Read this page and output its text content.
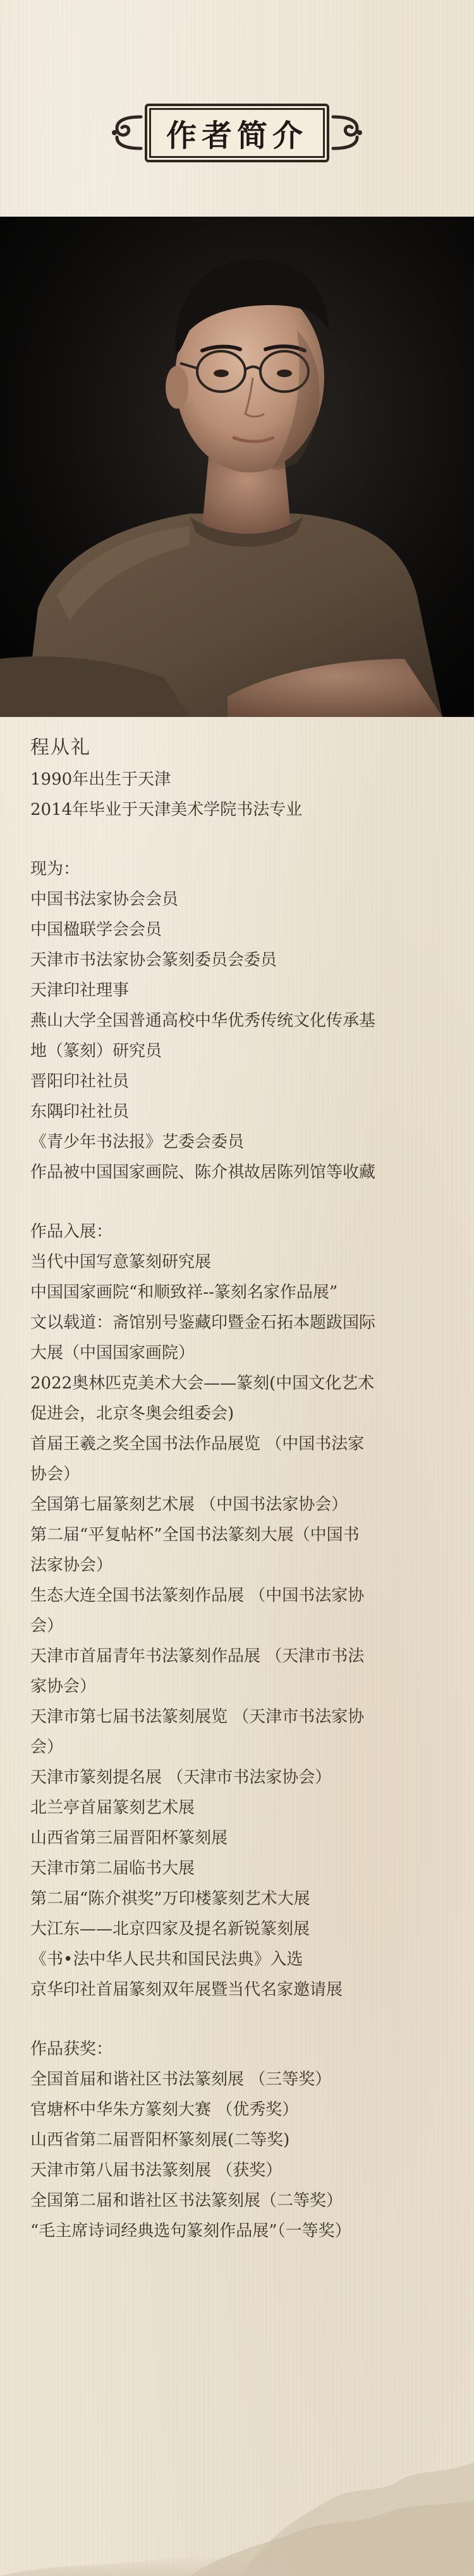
作者简介
程从礼
1990年出生于天津
2014年毕业于天津美术学院书法专业
现为：
中国书法家协会会员
中国楹联学会会员
天津市书法家协会篆刻委员会委员
天津印社理事
燕山大学全国普通高校中华优秀传统文化传承基
地（篆刻）研究员
晋阳印社社员
东隅印社社员
《青少年书法报》艺委会委员
作品被中国国家画院、陈介祺故居陈列馆等收藏
作品入展：
当代中国写意篆刻研究展
中国国家画院“和顺致祥--篆刻名家作品展”
文以载道：斋馆别号鉴藏印暨金石拓本题跋国际
大展（中国国家画院）
2022奥林匹克美术大会——篆刻(中国文化艺术
促进会，北京冬奥会组委会)
首届王羲之奖全国书法作品展览 （中国书法家
协会）
全国第七届篆刻艺术展 （中国书法家协会）
第二届“平复帖杯”全国书法篆刻大展（中国书
法家协会）
生态大连全国书法篆刻作品展 （中国书法家协
会）
天津市首届青年书法篆刻作品展 （天津市书法
家协会）
天津市第七届书法篆刻展览 （天津市书法家协
会）
天津市篆刻提名展 （天津市书法家协会）
北兰亭首届篆刻艺术展
山西省第三届晋阳杯篆刻展
天津市第二届临书大展
第二届“陈介祺奖”万印楼篆刻艺术大展
大江东——北京四家及提名新锐篆刻展
《书•法中华人民共和国民法典》入选
京华印社首届篆刻双年展暨当代名家邀请展
作品获奖：
全国首届和谐社区书法篆刻展 （三等奖）
官塘杯中华朱方篆刻大赛 （优秀奖）
山西省第二届晋阳杯篆刻展(二等奖)
天津市第八届书法篆刻展 （获奖）
全国第二届和谐社区书法篆刻展（二等奖）
“毛主席诗词经典选句篆刻作品展”（一等奖）
